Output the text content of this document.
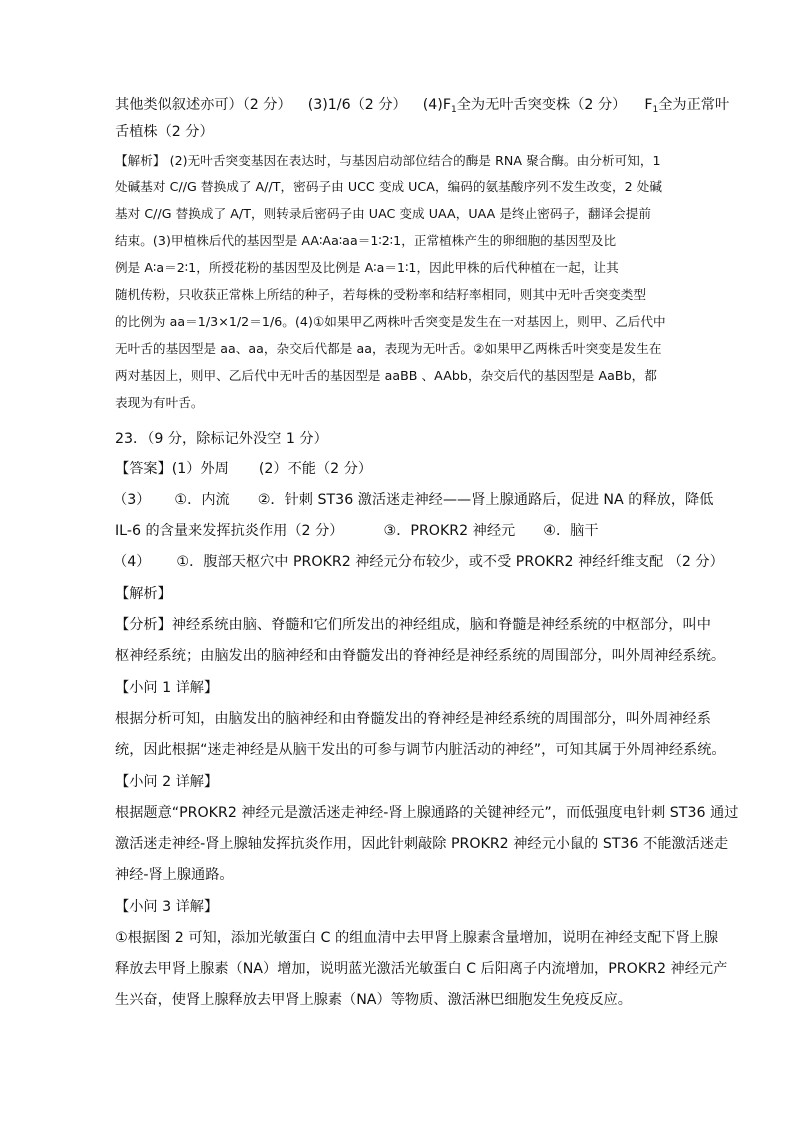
其他类似叙述亦可）（2 分） (3)1/6（2 分） $(4)F_1$全为无叶舌突变株（2 分） $F_1$全为正常叶
舌植株（2 分）
【解析】 (2)无叶舌突变基因在表达时，与基因启动部位结合的酶是 RNA 聚合酶。由分析可知，1
处碱基对 C//G 替换成了 A//T，密码子由 UCC 变成 UCA，编码的氨基酸序列不发生改变，2 处碱
基对 C//G 替换成了 A/T，则转录后密码子由 UAC 变成 UAA，UAA 是终止密码子，翻译会提前
结束。(3)甲植株后代的基因型是 AA∶Aa∶aa＝1∶2∶1，正常植株产生的卵细胞的基因型及比
例是 A∶a＝2∶1，所授花粉的基因型及比例是 A∶a＝1∶1，因此甲株的后代种植在一起，让其
随机传粉，只收获正常株上所结的种子，若每株的受粉率和结籽率相同，则其中无叶舌突变类型
的比例为 aa＝1/3×1/2＝1/6。(4)①如果甲乙两株叶舌突变是发生在一对基因上，则甲、乙后代中
无叶舌的基因型是 aa、aa，杂交后代都是 aa，表现为无叶舌。②如果甲乙两株舌叶突变是发生在
两对基因上，则甲、乙后代中无叶舌的基因型是 aaBB 、AAbb，杂交后代的基因型是 AaBb，都
表现为有叶舌。
23．（9 分，除标记外没空 1 分）
【答案】(1）外周 (2）不能（2 分）
（3） ①．内流 ②．针刺 ST36 激活迷走神经——肾上腺通路后，促进 NA 的释放，降低
IL-6 的含量来发挥抗炎作用（2 分）	③．PROKR2 神经元 ④．脑干
（4） ①．腹部天枢穴中 PROKR2 神经元分布较少，或不受 PROKR2 神经纤维支配 （2 分）
【解析】
【分析】神经系统由脑、脊髓和它们所发出的神经组成，脑和脊髓是神经系统的中枢部分，叫中
枢神经系统；由脑发出的脑神经和由脊髓发出的脊神经是神经系统的周围部分，叫外周神经系统。
【小问 1 详解】
根据分析可知，由脑发出的脑神经和由脊髓发出的脊神经是神经系统的周围部分，叫外周神经系
统，因此根据“迷走神经是从脑干发出的可参与调节内脏活动的神经”，可知其属于外周神经系统。
【小问 2 详解】
根据题意“PROKR2 神经元是激活迷走神经-肾上腺通路的关键神经元”，而低强度电针刺 ST36 通过
激活迷走神经-肾上腺轴发挥抗炎作用，因此针刺敲除 PROKR2 神经元小鼠的 ST36 不能激活迷走
神经-肾上腺通路。
【小问 3 详解】
①根据图 2 可知，添加光敏蛋白 C 的组血清中去甲肾上腺素含量增加，说明在神经支配下肾上腺
释放去甲肾上腺素（NA）增加，说明蓝光激活光敏蛋白 C 后阳离子内流增加，PROKR2 神经元产
生兴奋，使肾上腺释放去甲肾上腺素（NA）等物质、激活淋巴细胞发生免疫反应。
